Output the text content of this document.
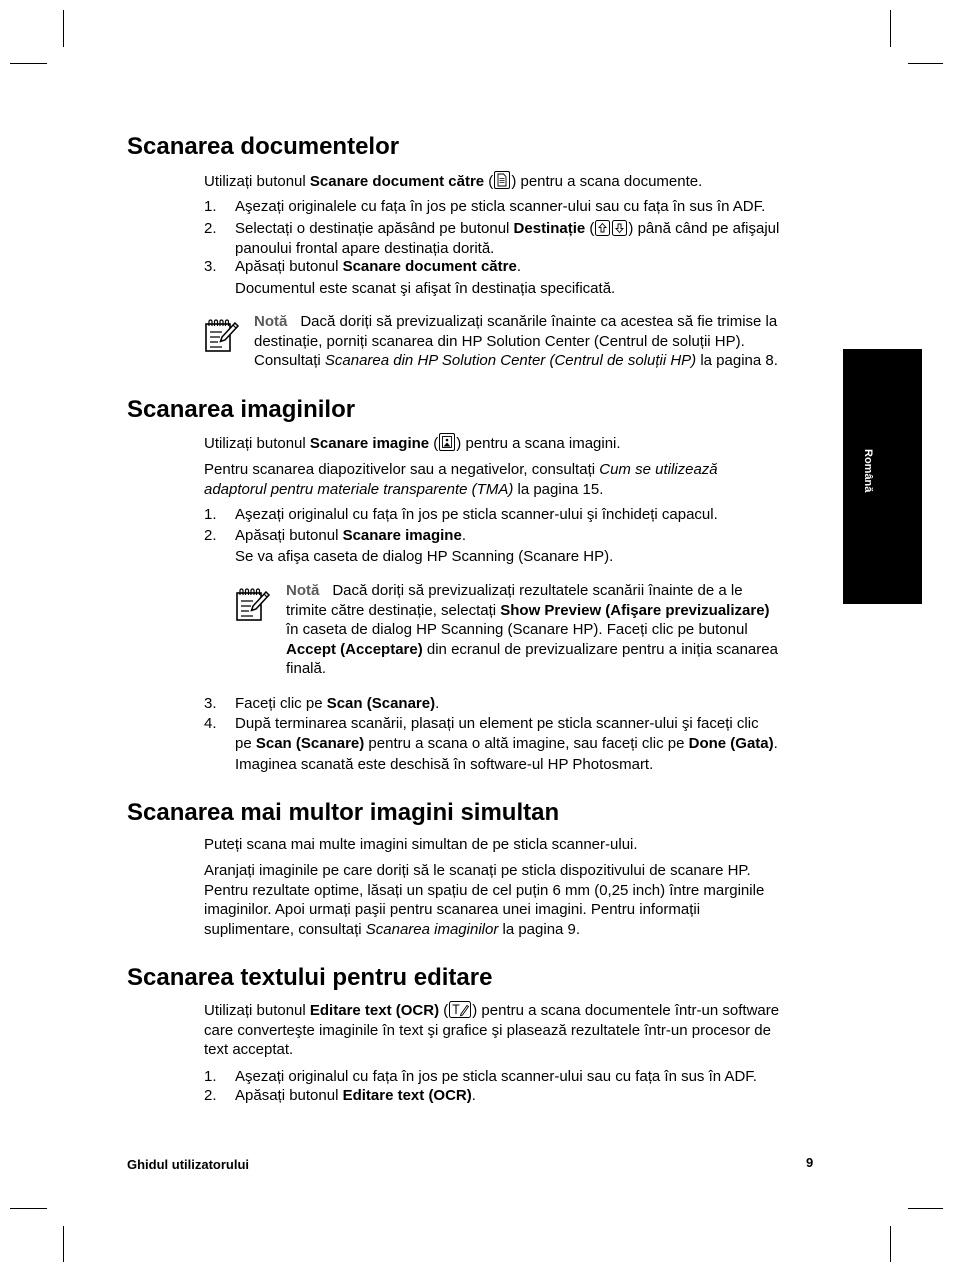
Română
Scanarea documentelor
Utilizați butonul Scanare document către ( ) pentru a scana documente.
1. Aşezați originalele cu fața în jos pe sticla scanner-ului sau cu fața în sus în ADF.
2. Selectați o destinație apăsând pe butonul Destinație ( ) până când pe afişajul
panoului frontal apare destinația dorită.
3. Apăsați butonul Scanare document către.
Documentul este scanat şi afişat în destinația specificată.
Notă Dacă doriți să previzualizați scanările înainte ca acestea să fie trimise la
destinație, porniți scanarea din HP Solution Center (Centrul de soluții HP).
Consultați Scanarea din HP Solution Center (Centrul de soluții HP) la pagina 8.
Scanarea imaginilor
Utilizați butonul Scanare imagine ( ) pentru a scana imagini.
Pentru scanarea diapozitivelor sau a negativelor, consultați Cum se utilizează
adaptorul pentru materiale transparente (TMA) la pagina 15.
1. Aşezați originalul cu fața în jos pe sticla scanner-ului şi închideți capacul.
2. Apăsați butonul Scanare imagine.
Se va afişa caseta de dialog HP Scanning (Scanare HP).
Notă Dacă doriți să previzualizați rezultatele scanării înainte de a le
trimite către destinație, selectați Show Preview (Afişare previzualizare)
în caseta de dialog HP Scanning (Scanare HP). Faceți clic pe butonul
Accept (Acceptare) din ecranul de previzualizare pentru a iniția scanarea
finală.
3. Faceți clic pe Scan (Scanare).
4. După terminarea scanării, plasați un element pe sticla scanner-ului şi faceți clic
pe Scan (Scanare) pentru a scana o altă imagine, sau faceți clic pe Done (Gata).
Imaginea scanată este deschisă în software-ul HP Photosmart.
Scanarea mai multor imagini simultan
Puteți scana mai multe imagini simultan de pe sticla scanner-ului.
Aranjați imaginile pe care doriți să le scanați pe sticla dispozitivului de scanare HP.
Pentru rezultate optime, lăsați un spațiu de cel puțin 6 mm (0,25 inch) între marginile
imaginilor. Apoi urmați paşii pentru scanarea unei imagini. Pentru informații
suplimentare, consultați Scanarea imaginilor la pagina 9.
Scanarea textului pentru editare
Utilizați butonul Editare text (OCR) ( ) pentru a scana documentele într-un software
care converteşte imaginile în text şi grafice şi plasează rezultatele într-un procesor de
text acceptat.
1. Aşezați originalul cu fața în jos pe sticla scanner-ului sau cu fața în sus în ADF.
2. Apăsați butonul Editare text (OCR).
Ghidul utilizatorului	9
